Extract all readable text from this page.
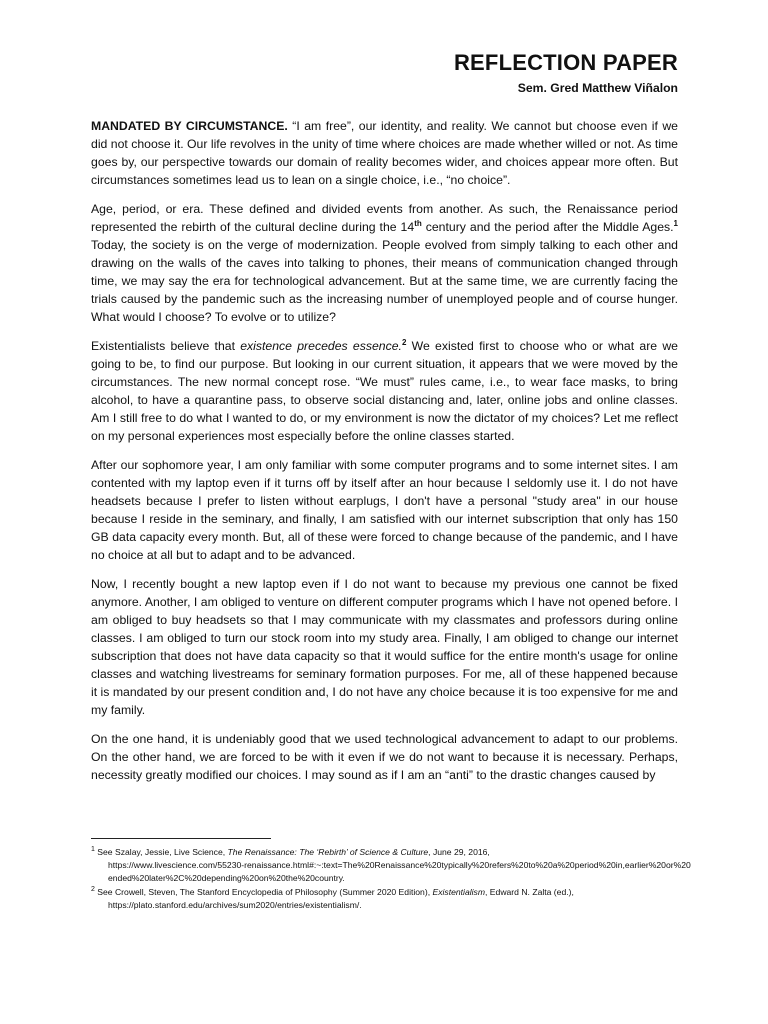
REFLECTION PAPER
Sem. Gred Matthew Viñalon

MANDATED BY CIRCUMSTANCE. “I am free”, our identity, and reality. We cannot but choose even if we did not choose it. Our life revolves in the unity of time where choices are made whether willed or not. As time goes by, our perspective towards our domain of reality becomes wider, and choices appear more often. But circumstances sometimes lead us to lean on a single choice, i.e., “no choice”.

Age, period, or era. These defined and divided events from another. As such, the Renaissance period represented the rebirth of the cultural decline during the 14th century and the period after the Middle Ages.$^1$ Today, the society is on the verge of modernization. People evolved from simply talking to each other and drawing on the walls of the caves into talking to phones, their means of communication changed through time, we may say the era for technological advancement. But at the same time, we are currently facing the trials caused by the pandemic such as the increasing number of unemployed people and of course hunger. What would I choose? To evolve or to utilize?

Existentialists believe that existence precedes essence.$^2$ We existed first to choose who or what are we going to be, to find our purpose. But looking in our current situation, it appears that we were moved by the circumstances. The new normal concept rose. “We must” rules came, i.e., to wear face masks, to bring alcohol, to have a quarantine pass, to observe social distancing and, later, online jobs and online classes. Am I still free to do what I wanted to do, or my environment is now the dictator of my choices? Let me reflect on my personal experiences most especially before the online classes started.

After our sophomore year, I am only familiar with some computer programs and to some internet sites. I am contented with my laptop even if it turns off by itself after an hour because I seldomly use it. I do not have headsets because I prefer to listen without earplugs, I don't have a personal "study area" in our house because I reside in the seminary, and finally, I am satisfied with our internet subscription that only has 150 GB data capacity every month. But, all of these were forced to change because of the pandemic, and I have no choice at all but to adapt and to be advanced.

Now, I recently bought a new laptop even if I do not want to because my previous one cannot be fixed anymore. Another, I am obliged to venture on different computer programs which I have not opened before. I am obliged to buy headsets so that I may communicate with my classmates and professors during online classes. I am obliged to turn our stock room into my study area. Finally, I am obliged to change our internet subscription that does not have data capacity so that it would suffice for the entire month's usage for online classes and watching livestreams for seminary formation purposes. For me, all of these happened because it is mandated by our present condition and, I do not have any choice because it is too expensive for me and my family.

On the one hand, it is undeniably good that we used technological advancement to adapt to our problems. On the other hand, we are forced to be with it even if we do not want to because it is necessary. Perhaps, necessity greatly modified our choices. I may sound as if I am an “anti” to the drastic changes caused by

$^1$ See Szalay, Jessie, Live Science, The Renaissance: The ‘Rebirth’ of Science & Culture, June 29, 2016,
https://www.livescience.com/55230-renaissance.html#:~:text=The%20Renaissance%20typically%20refers%20to%20a%20period%20in,earlier%20or%20ended%20later%2C%20depending%20on%20the%20country.
$^2$ See Crowell, Steven, The Stanford Encyclopedia of Philosophy (Summer 2020 Edition), Existentialism, Edward N. Zalta (ed.),
https://plato.stanford.edu/archives/sum2020/entries/existentialism/.
